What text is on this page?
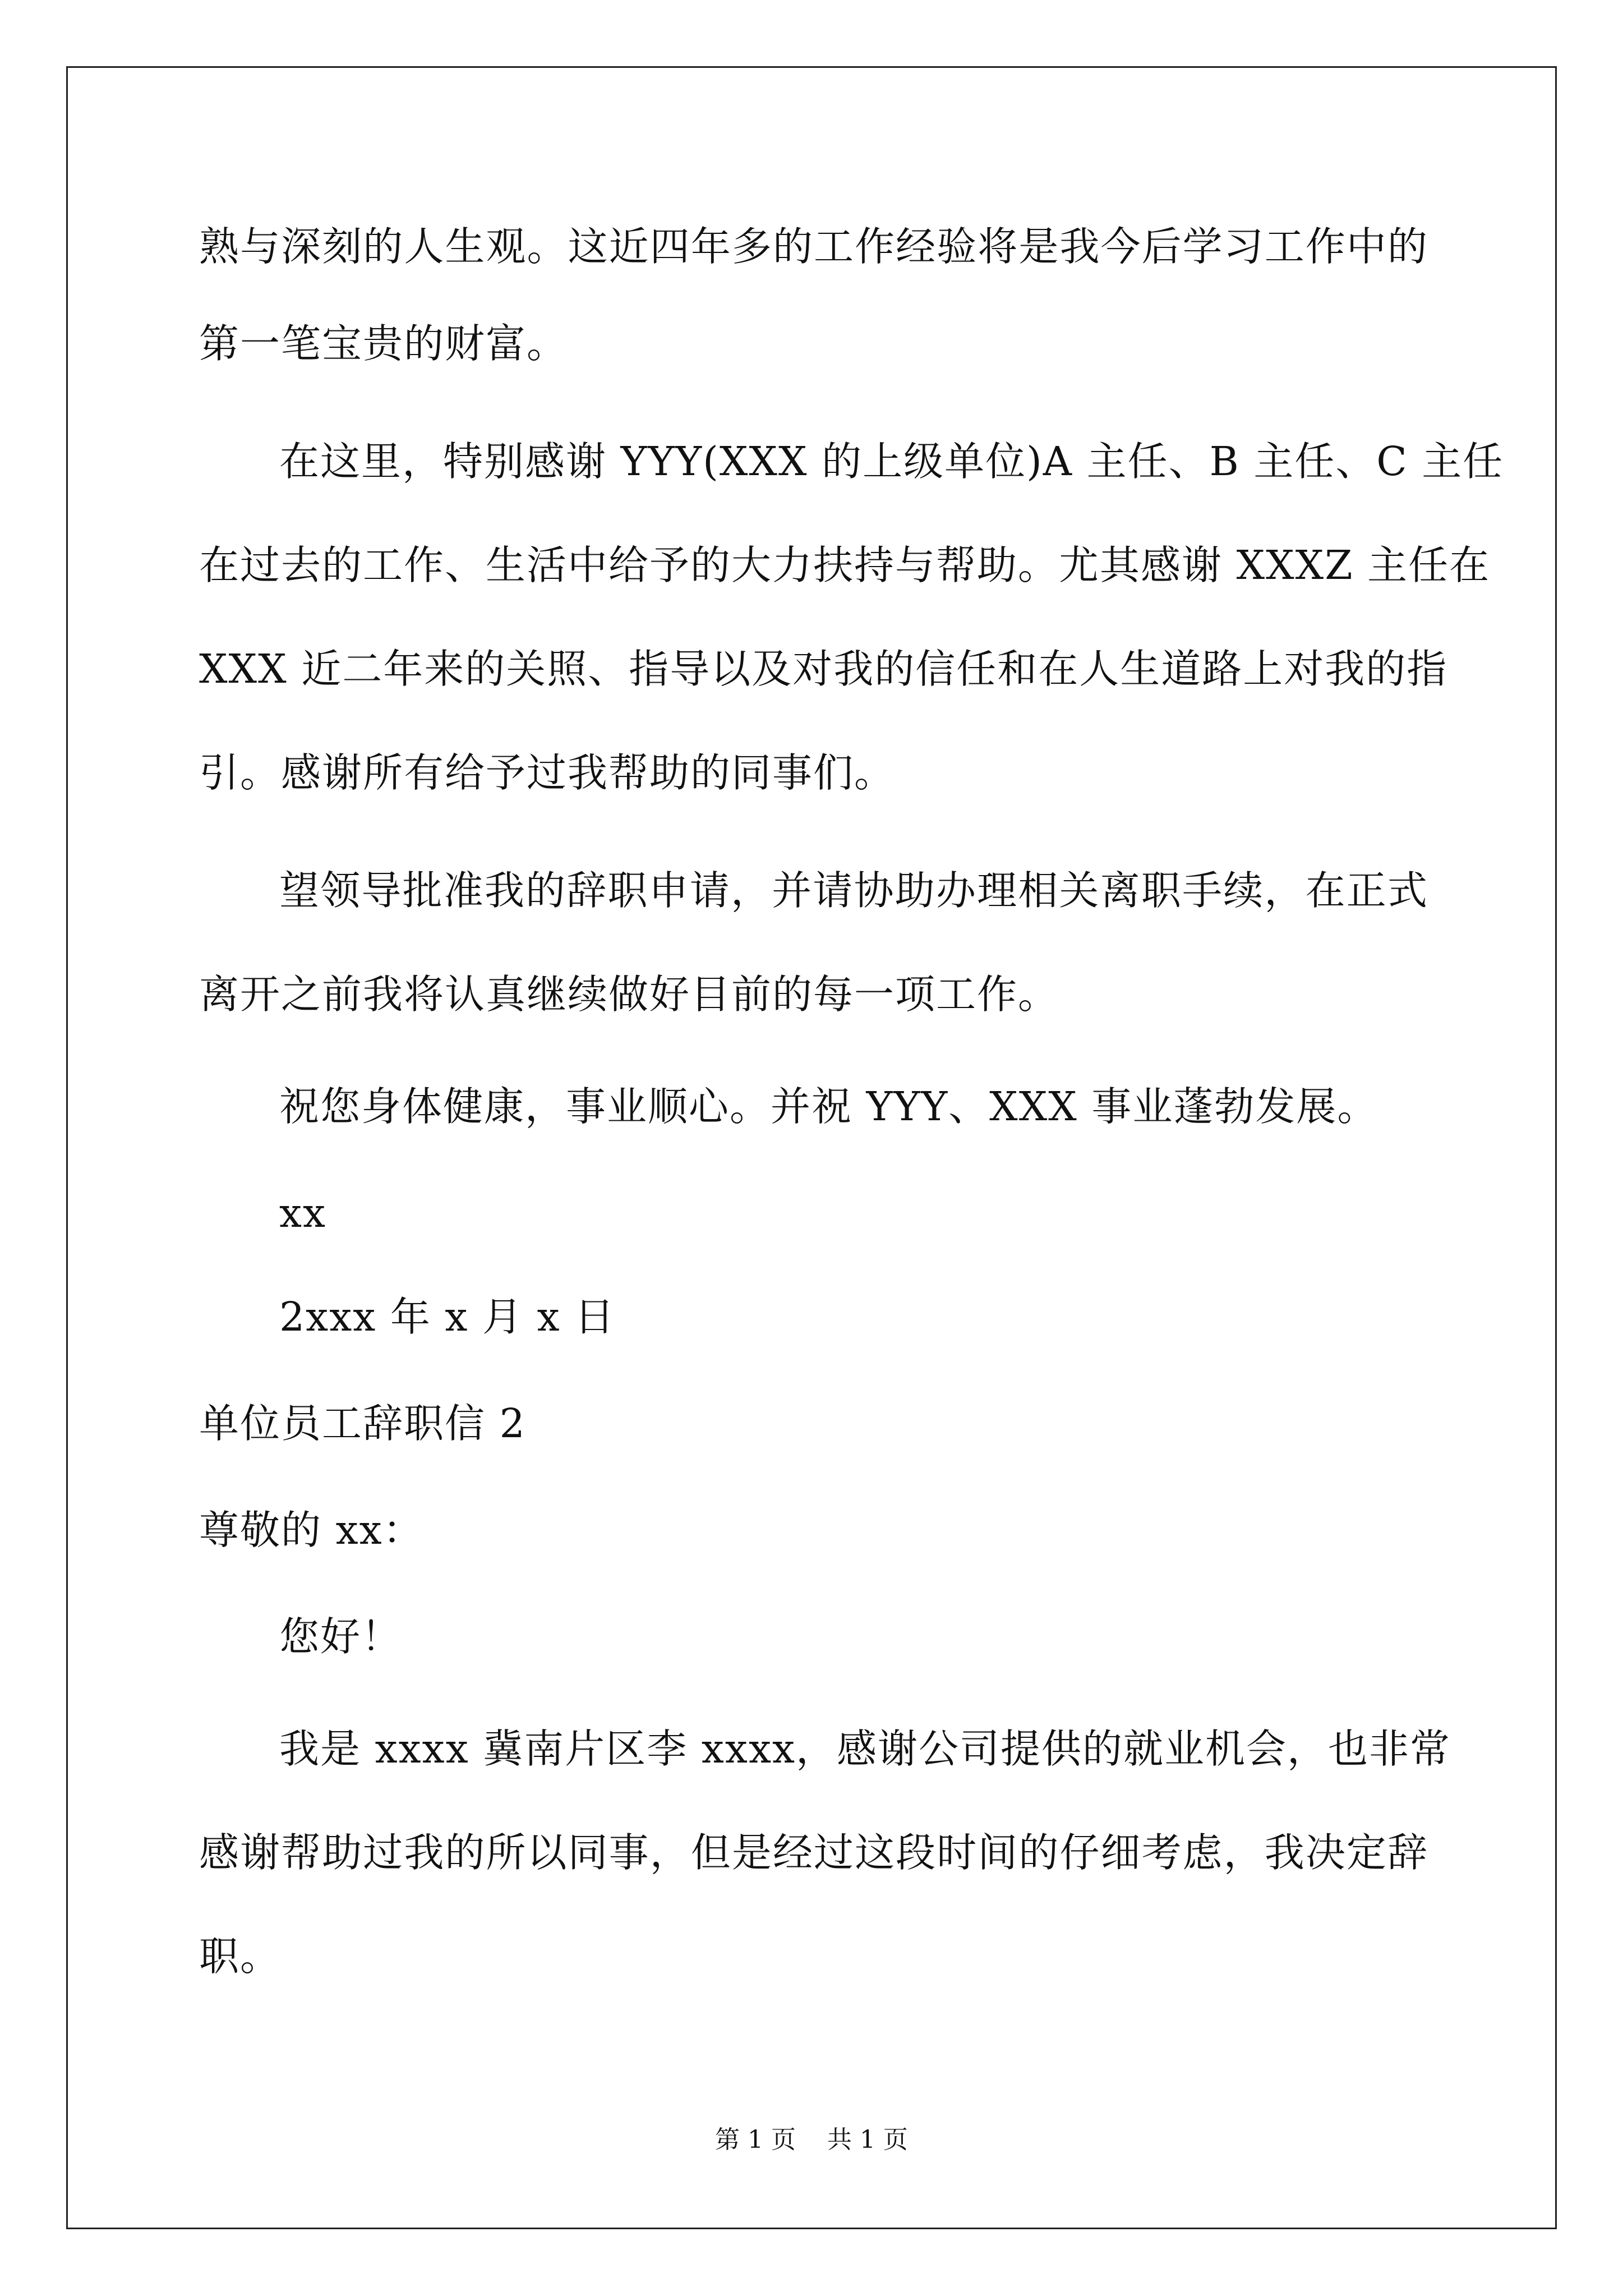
熟与深刻的人生观。这近四年多的工作经验将是我今后学习工作中的
第一笔宝贵的财富。
在这里，特别感谢 YYY(XXX 的上级单位)A 主任、B 主任、C 主任
在过去的工作、生活中给予的大力扶持与帮助。尤其感谢 XXXZ 主任在
XXX 近二年来的关照、指导以及对我的信任和在人生道路上对我的指
引。感谢所有给予过我帮助的同事们。
望领导批准我的辞职申请，并请协助办理相关离职手续，在正式
离开之前我将认真继续做好目前的每一项工作。
祝您身体健康，事业顺心。并祝 YYY、XXX 事业蓬勃发展。
xx
2xxx 年 x 月 x 日
单位员工辞职信 2
尊敬的 xx：
您好！
我是 xxxx 冀南片区李 xxxx，感谢公司提供的就业机会，也非常
感谢帮助过我的所以同事，但是经过这段时间的仔细考虑，我决定辞
职。
第 1 页    共 1 页
